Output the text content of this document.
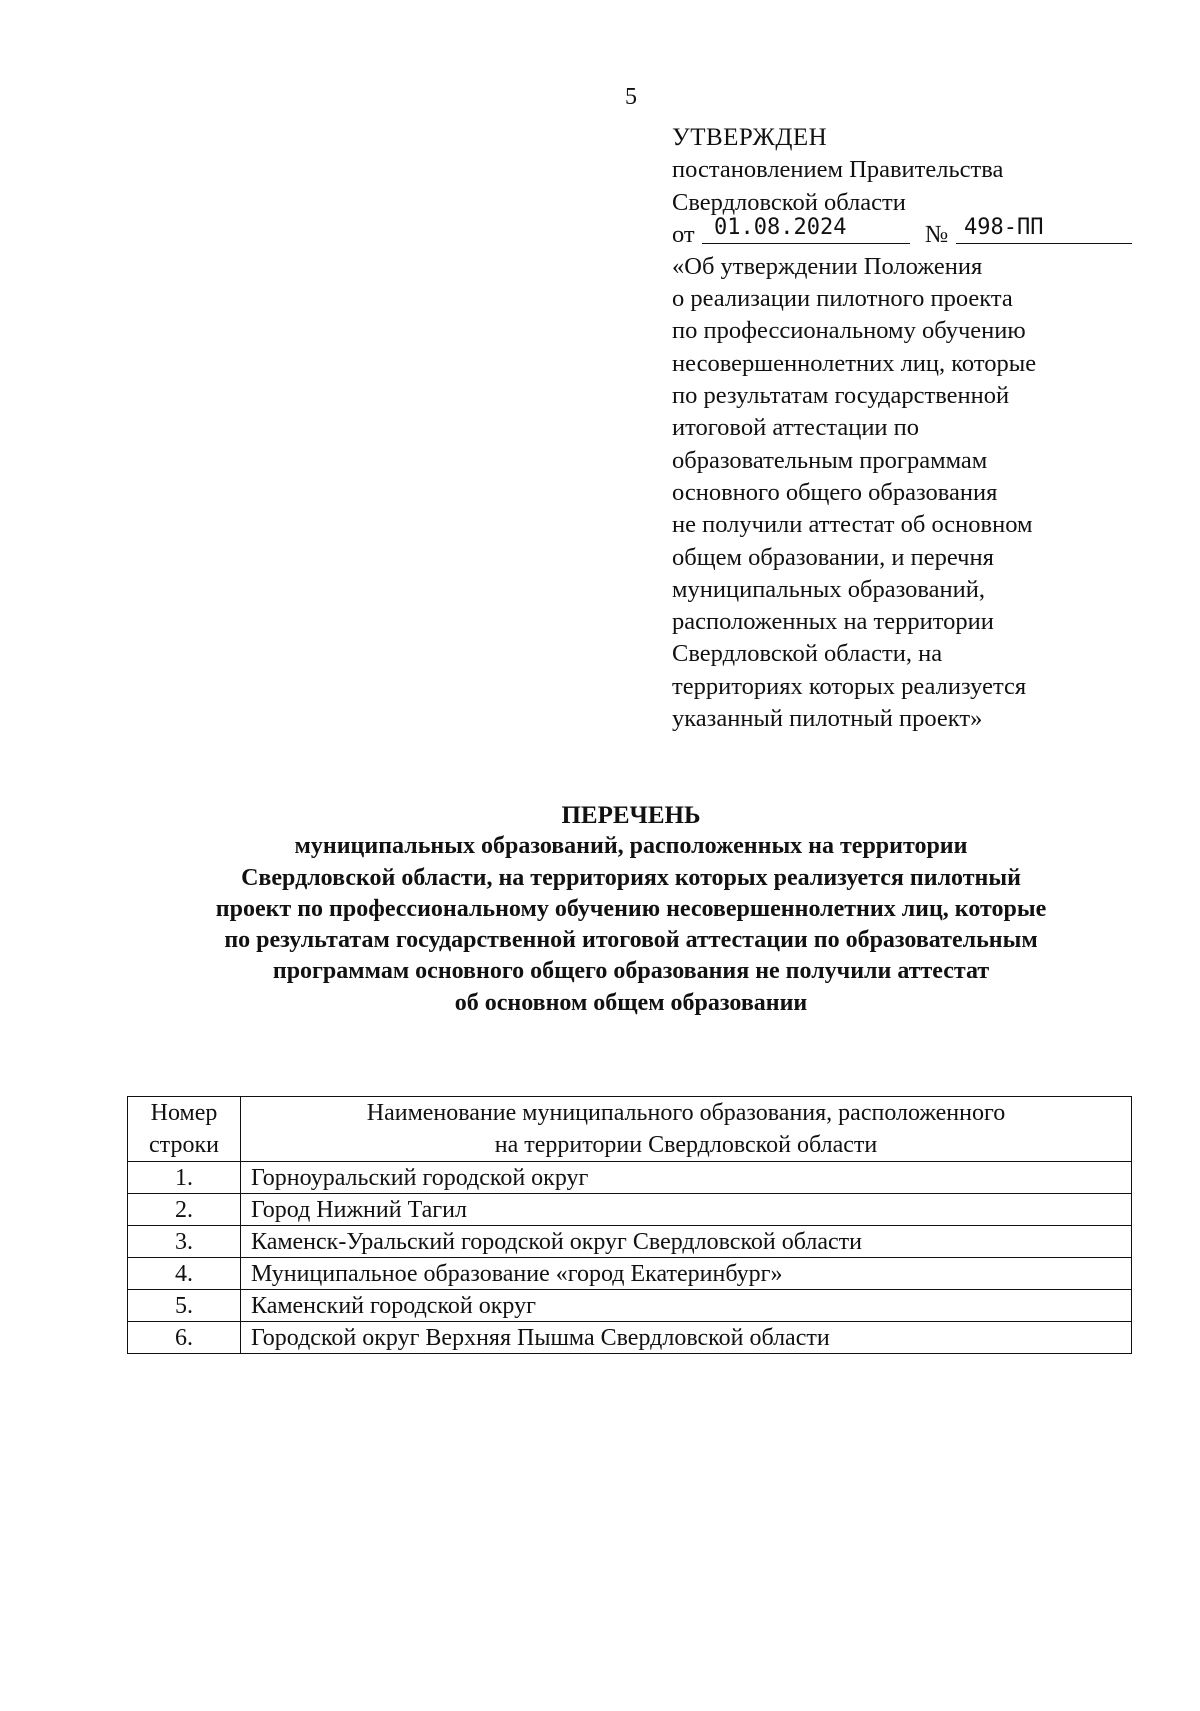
5
УТВЕРЖДЕН
постановлением Правительства
Свердловской области
от 01.08.2024	№ 498-ПП
«Об утверждении Положения
о реализации пилотного проекта
по профессиональному обучению
несовершеннолетних лиц, которые
по результатам государственной
итоговой аттестации по
образовательным программам
основного общего образования
не получили аттестат об основном
общем образовании, и перечня
муниципальных образований,
расположенных на территории
Свердловской области, на
территориях которых реализуется
указанный пилотный проект»
ПЕРЕЧЕНЬ
муниципальных образований, расположенных на территории
Свердловской области, на территориях которых реализуется пилотный
проект по профессиональному обучению несовершеннолетних лиц, которые
по результатам государственной итоговой аттестации по образовательным
программам основного общего образования не получили аттестат
об основном общем образовании
Номер
строки	Наименование муниципального образования, расположенного
на территории Свердловской области

1.	Горноуральский городской округ
2.	Город Нижний Тагил
3.	Каменск-Уральский городской округ Свердловской области
4.	Муниципальное образование «город Екатеринбург»
5.	Каменский городской округ
6.	Городской округ Верхняя Пышма Свердловской области
